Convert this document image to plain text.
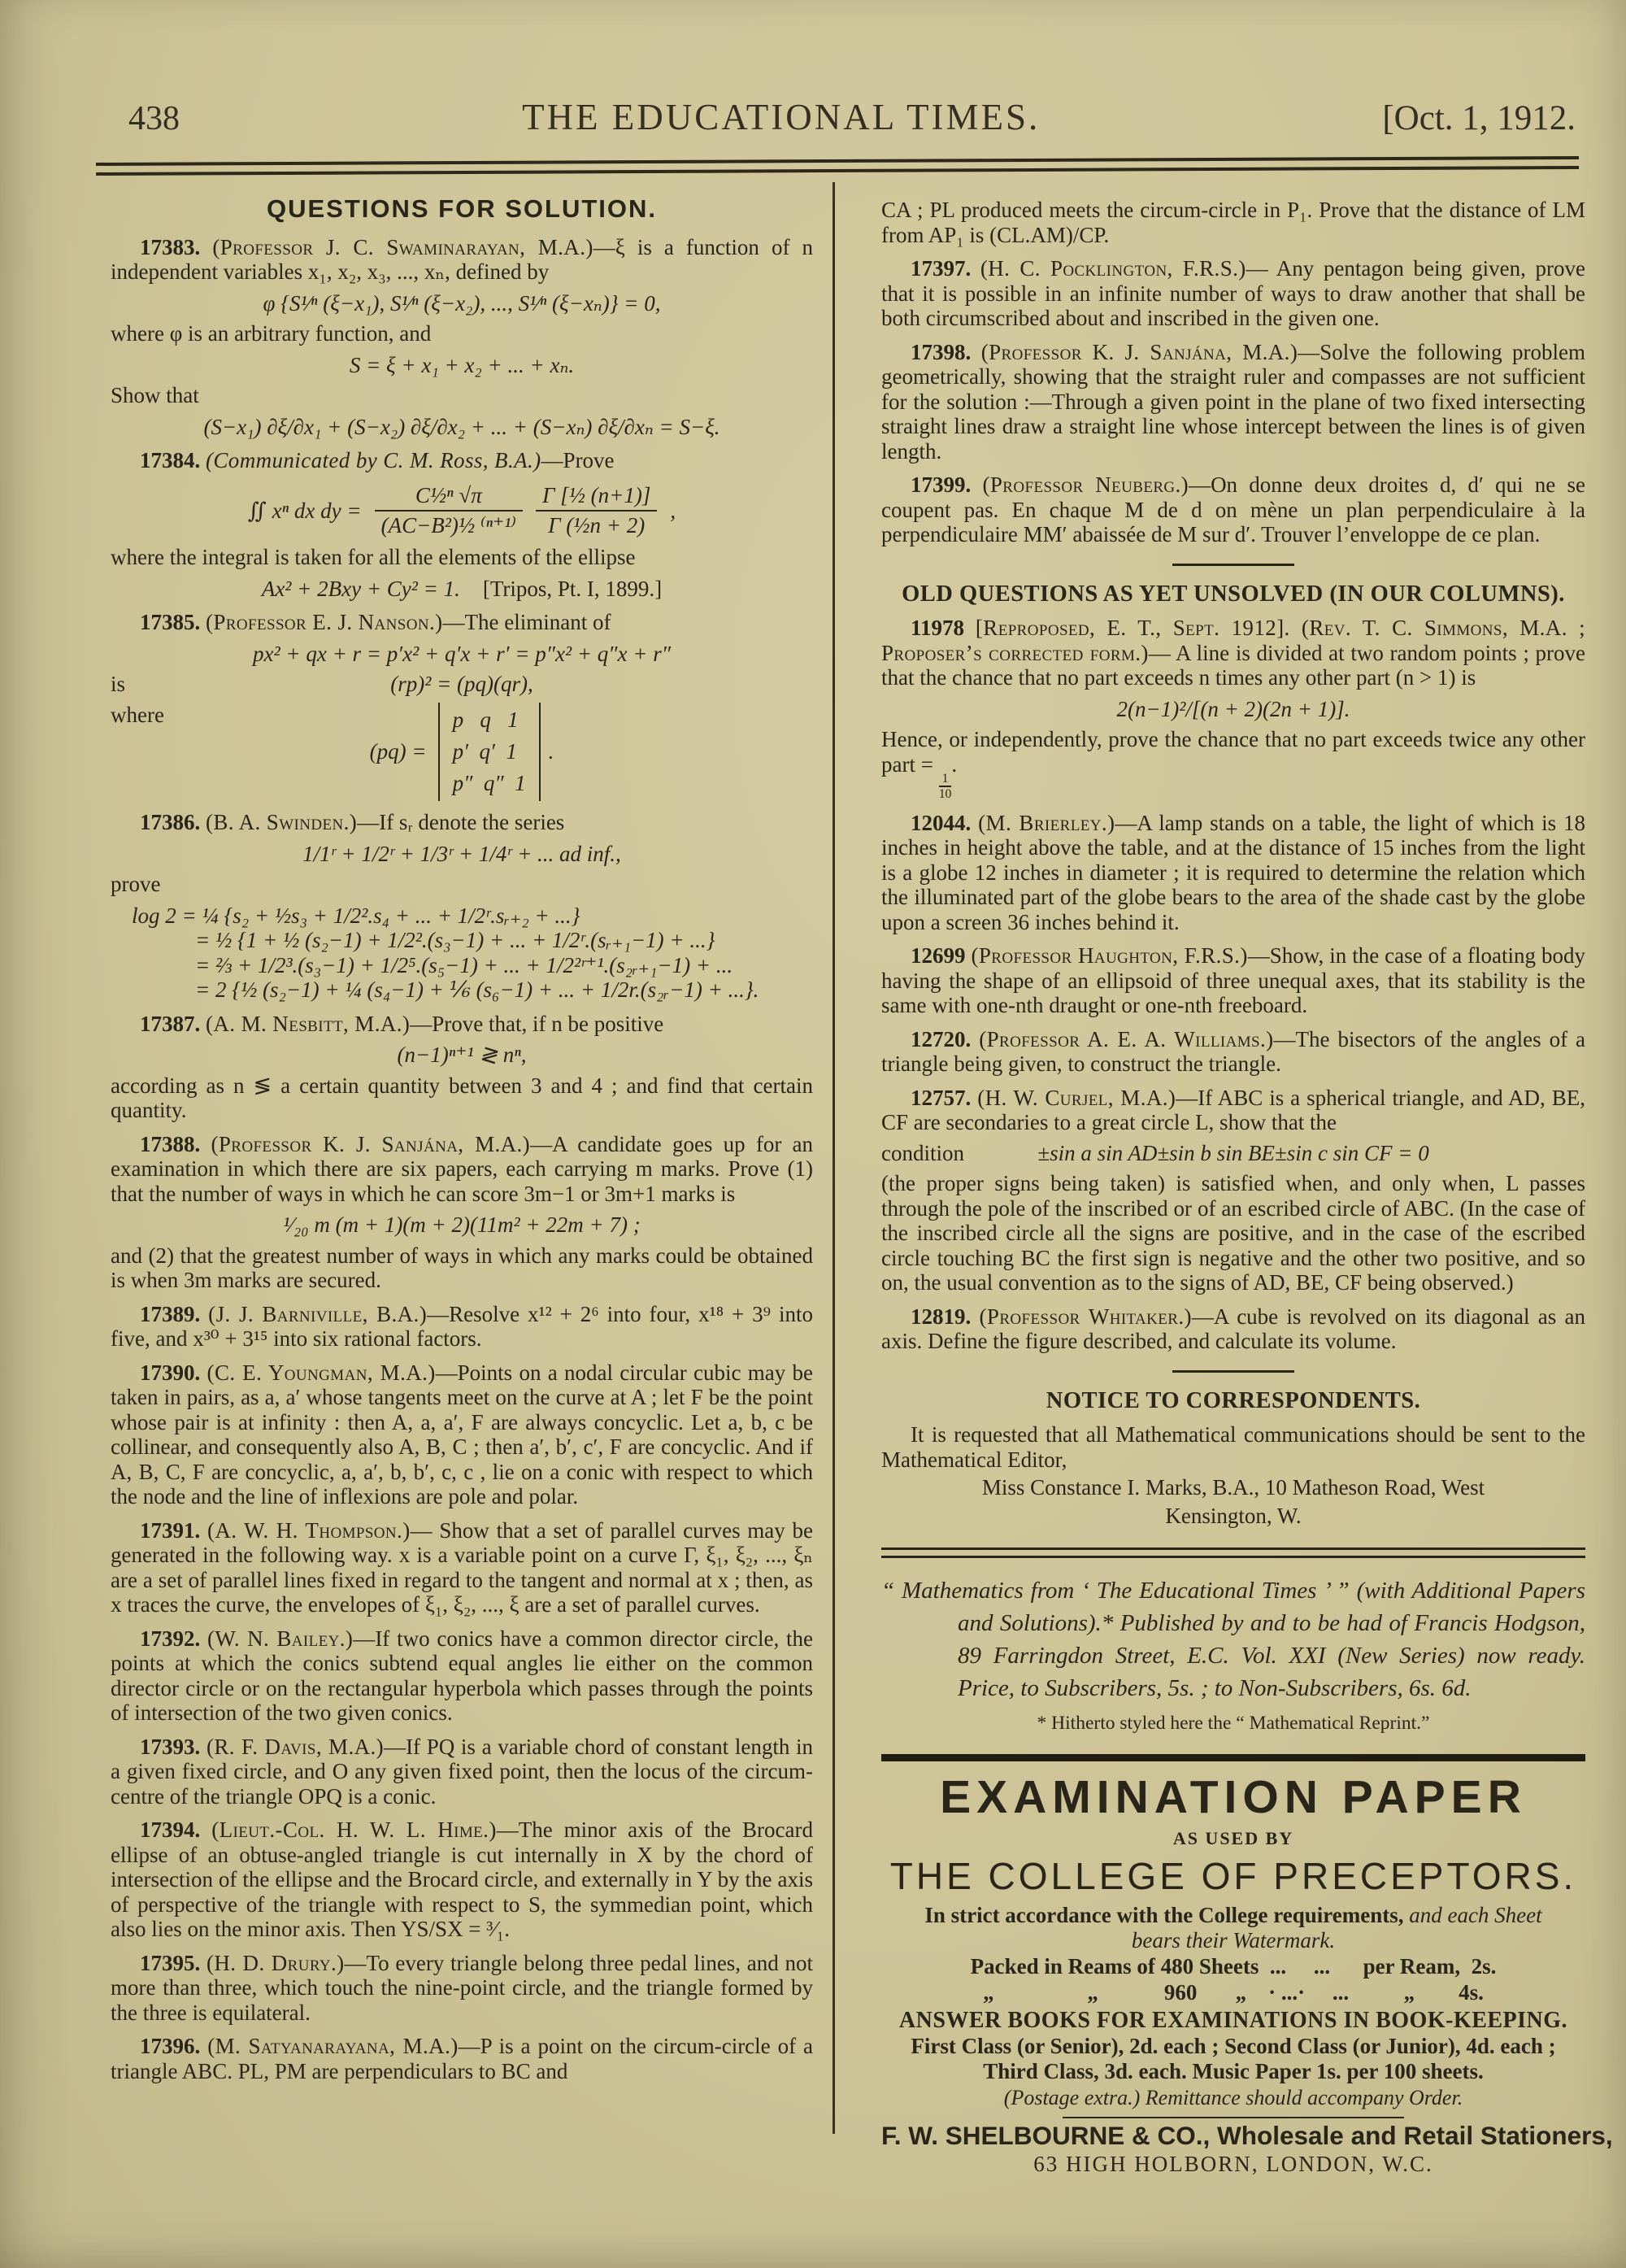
438	THE EDUCATIONAL TIMES.	[Oct. 1, 1912.
QUESTIONS FOR SOLUTION.

17383. (Professor J. C. Swaminarayan, M.A.)—ξ is a function of n independent variables x₁, x₂, x₃, ..., xₙ, defined by

φ {S¹⁄ⁿ (ξ−x₁), S¹⁄ⁿ (ξ−x₂), ..., S¹⁄ⁿ (ξ−xₙ)} = 0,

where φ is an arbitrary function, and

S = ξ + x₁ + x₂ + ... + xₙ.

Show that

(S−x₁) ∂ξ/∂x₁ + (S−x₂) ∂ξ/∂x₂ + ... + (S−xₙ) ∂ξ/∂xₙ = S−ξ.

17384. (Communicated by C. M. Ross, B.A.)—Prove

∬ xⁿ dx dy = $\frac{\text{C½ⁿ √π}}{\text{(AC−B²)½ ⁽ⁿ⁺¹⁾}} \frac{\text{Γ [½ (n+1)]}}{\text{Γ (½n + 2)}}$ ,

where the integral is taken for all the elements of the ellipse

Ax² + 2Bxy + Cy² = 1. [Tripos, Pt. I, 1899.]

17385. (Professor E. J. Nanson.)—The eliminant of

px² + qx + r = p′x² + q′x + r′ = p″x² + q″x + r″
is	(rp)² = (pq)(qr),
where
(pq) =
p   q   1
p′  q′  1
p″  q″  1
.

17386. (B. A. Swinden.)—If sᵣ denote the series

1/1ʳ + 1/2ʳ + 1/3ʳ + 1/4ʳ + ... ad inf.,

prove

log 2 = ¼ {s₂ + ½s₃ + 1/2².s₄ + ... + 1/2ʳ.sᵣ₊₂ + ...}
= ½ {1 + ½ (s₂−1) + 1/2².(s₃−1) + ... + 1/2ʳ.(sᵣ₊₁−1) + ...}
= ⅔ + 1/2³.(s₃−1) + 1/2⁵.(s₅−1) + ... + 1/2²ʳ⁺¹.(s₂ᵣ₊₁−1) + ...
= 2 {½ (s₂−1) + ¼ (s₄−1) + ⅙ (s₆−1) + ... + 1/2r.(s₂ᵣ−1) + ...}.

17387. (A. M. Nesbitt, M.A.)—Prove that, if n be positive

(n−1)ⁿ⁺¹ ≷ nⁿ,

according as n ≶ a certain quantity between 3 and 4 ; and find that certain quantity.

17388. (Professor K. J. Sanjána, M.A.)—A candidate goes up for an examination in which there are six papers, each carrying m marks. Prove (1) that the number of ways in which he can score 3m−1 or 3m+1 marks is

¹⁄₂₀ m (m + 1)(m + 2)(11m² + 22m + 7) ;

and (2) that the greatest number of ways in which any marks could be obtained is when 3m marks are secured.

17389. (J. J. Barniville, B.A.)—Resolve x¹² + 2⁶ into four, x¹⁸ + 3⁹ into five, and x³⁰ + 3¹⁵ into six rational factors.

17390. (C. E. Youngman, M.A.)—Points on a nodal circular cubic may be taken in pairs, as a, a′ whose tangents meet on the curve at A ; let F be the point whose pair is at infinity : then A, a, a′, F are always concyclic. Let a, b, c be collinear, and consequently also A, B, C ; then a′, b′, c′, F are concyclic. And if A, B, C, F are concyclic, a, a′, b, b′, c, c , lie on a conic with respect to which the node and the line of inflexions are pole and polar.

17391. (A. W. H. Thompson.)— Show that a set of parallel curves may be generated in the following way. x is a variable point on a curve Γ, ξ₁, ξ₂, ..., ξₙ are a set of parallel lines fixed in regard to the tangent and normal at x ; then, as x traces the curve, the envelopes of ξ₁, ξ₂, ..., ξ are a set of parallel curves.

17392. (W. N. Bailey.)—If two conics have a common director circle, the points at which the conics subtend equal angles lie either on the common director circle or on the rectangular hyperbola which passes through the points of intersection of the two given conics.

17393. (R. F. Davis, M.A.)—If PQ is a variable chord of constant length in a given fixed circle, and O any given fixed point, then the locus of the circum-centre of the triangle OPQ is a conic.

17394. (Lieut.-Col. H. W. L. Hime.)—The minor axis of the Brocard ellipse of an obtuse-angled triangle is cut internally in X by the chord of intersection of the ellipse and the Brocard circle, and externally in Y by the axis of perspective of the triangle with respect to S, the symmedian point, which also lies on the minor axis. Then YS/SX = ³⁄₁.

17395. (H. D. Drury.)—To every triangle belong three pedal lines, and not more than three, which touch the nine-point circle, and the triangle formed by the three is equilateral.

17396. (M. Satyanarayana, M.A.)—P is a point on the circum-circle of a triangle ABC. PL, PM are perpendiculars to BC and

CA ; PL produced meets the circum-circle in P₁. Prove that the distance of LM from AP₁ is (CL.AM)/CP.

17397. (H. C. Pocklington, F.R.S.)— Any pentagon being given, prove that it is possible in an infinite number of ways to draw another that shall be both circumscribed about and inscribed in the given one.

17398. (Professor K. J. Sanjána, M.A.)—Solve the following problem geometrically, showing that the straight ruler and compasses are not sufficient for the solution :—Through a given point in the plane of two fixed intersecting straight lines draw a straight line whose intercept between the lines is of given length.

17399. (Professor Neuberg.)—On donne deux droites d, d′ qui ne se coupent pas. En chaque M de d on mène un plan perpendiculaire à la perpendiculaire MM′ abaissée de M sur d′. Trouver l’enveloppe de ce plan.

OLD QUESTIONS AS YET UNSOLVED (IN OUR COLUMNS).

11978 [Reproposed, E. T., Sept. 1912]. (Rev. T. C. Simmons, M.A. ; Proposer’s corrected form.)— A line is divided at two random points ; prove that the chance that no part exceeds n times any other part (n > 1) is

2(n−1)²/[(n + 2)(2n + 1)].

Hence, or independently, prove the chance that no part exceeds twice any other part =
$\frac{1}{10}$
.

12044. (M. Brierley.)—A lamp stands on a table, the light of which is 18 inches in height above the table, and at the distance of 15 inches from the light is a globe 12 inches in diameter ; it is required to determine the relation which the illuminated part of the globe bears to the area of the shade cast by the globe upon a screen 36 inches behind it.

12699 (Professor Haughton, F.R.S.)—Show, in the case of a floating body having the shape of an ellipsoid of three unequal axes, that its stability is the same with one-nth draught or one-nth freeboard.

12720. (Professor A. E. A. Williams.)—The bisectors of the angles of a triangle being given, to construct the triangle.

12757. (H. W. Curjel, M.A.)—If ABC is a spherical triangle, and AD, BE, CF are secondaries to a great circle L, show that the

condition	±sin a sin AD±sin b sin BE±sin c sin CF = 0

(the proper signs being taken) is satisfied when, and only when, L passes through the pole of the inscribed or of an escribed circle of ABC. (In the case of the inscribed circle all the signs are positive, and in the case of the escribed circle touching BC the first sign is negative and the other two positive, and so on, the usual convention as to the signs of AD, BE, CF being observed.)

12819. (Professor Whitaker.)—A cube is revolved on its diagonal as an axis. Define the figure described, and calculate its volume.

NOTICE TO CORRESPONDENTS.

It is requested that all Mathematical communications should be sent to the Mathematical Editor,

Miss Constance I. Marks, B.A., 10 Matheson Road, West

Kensington, W.

“ Mathematics from ‘ The Educational Times ’ ” (with Additional Papers and Solutions).* Published by and to be had of Francis Hodgson, 89 Farringdon Street, E.C. Vol. XXI (New Series) now ready. Price, to Subscribers, 5s. ; to Non-Subscribers, 6s. 6d.

* Hitherto styled here the “ Mathematical Reprint.”

EXAMINATION PAPER
AS USED BY
THE COLLEGE OF PRECEPTORS.
In strict accordance with the College requirements, and each Sheet
bears their Watermark.
Packed in Reams of 480 Sheets  ...     ...      per Ream,  2s.
„                 „            960       „    · ...·     ...          „        4s.
ANSWER BOOKS FOR EXAMINATIONS IN BOOK-KEEPING.
First Class (or Senior), 2d. each ; Second Class (or Junior), 4d. each ;
Third Class, 3d. each. Music Paper 1s. per 100 sheets.
(Postage extra.) Remittance should accompany Order.
F. W. SHELBOURNE & CO., Wholesale and Retail Stationers,
63 HIGH HOLBORN, LONDON, W.C.
